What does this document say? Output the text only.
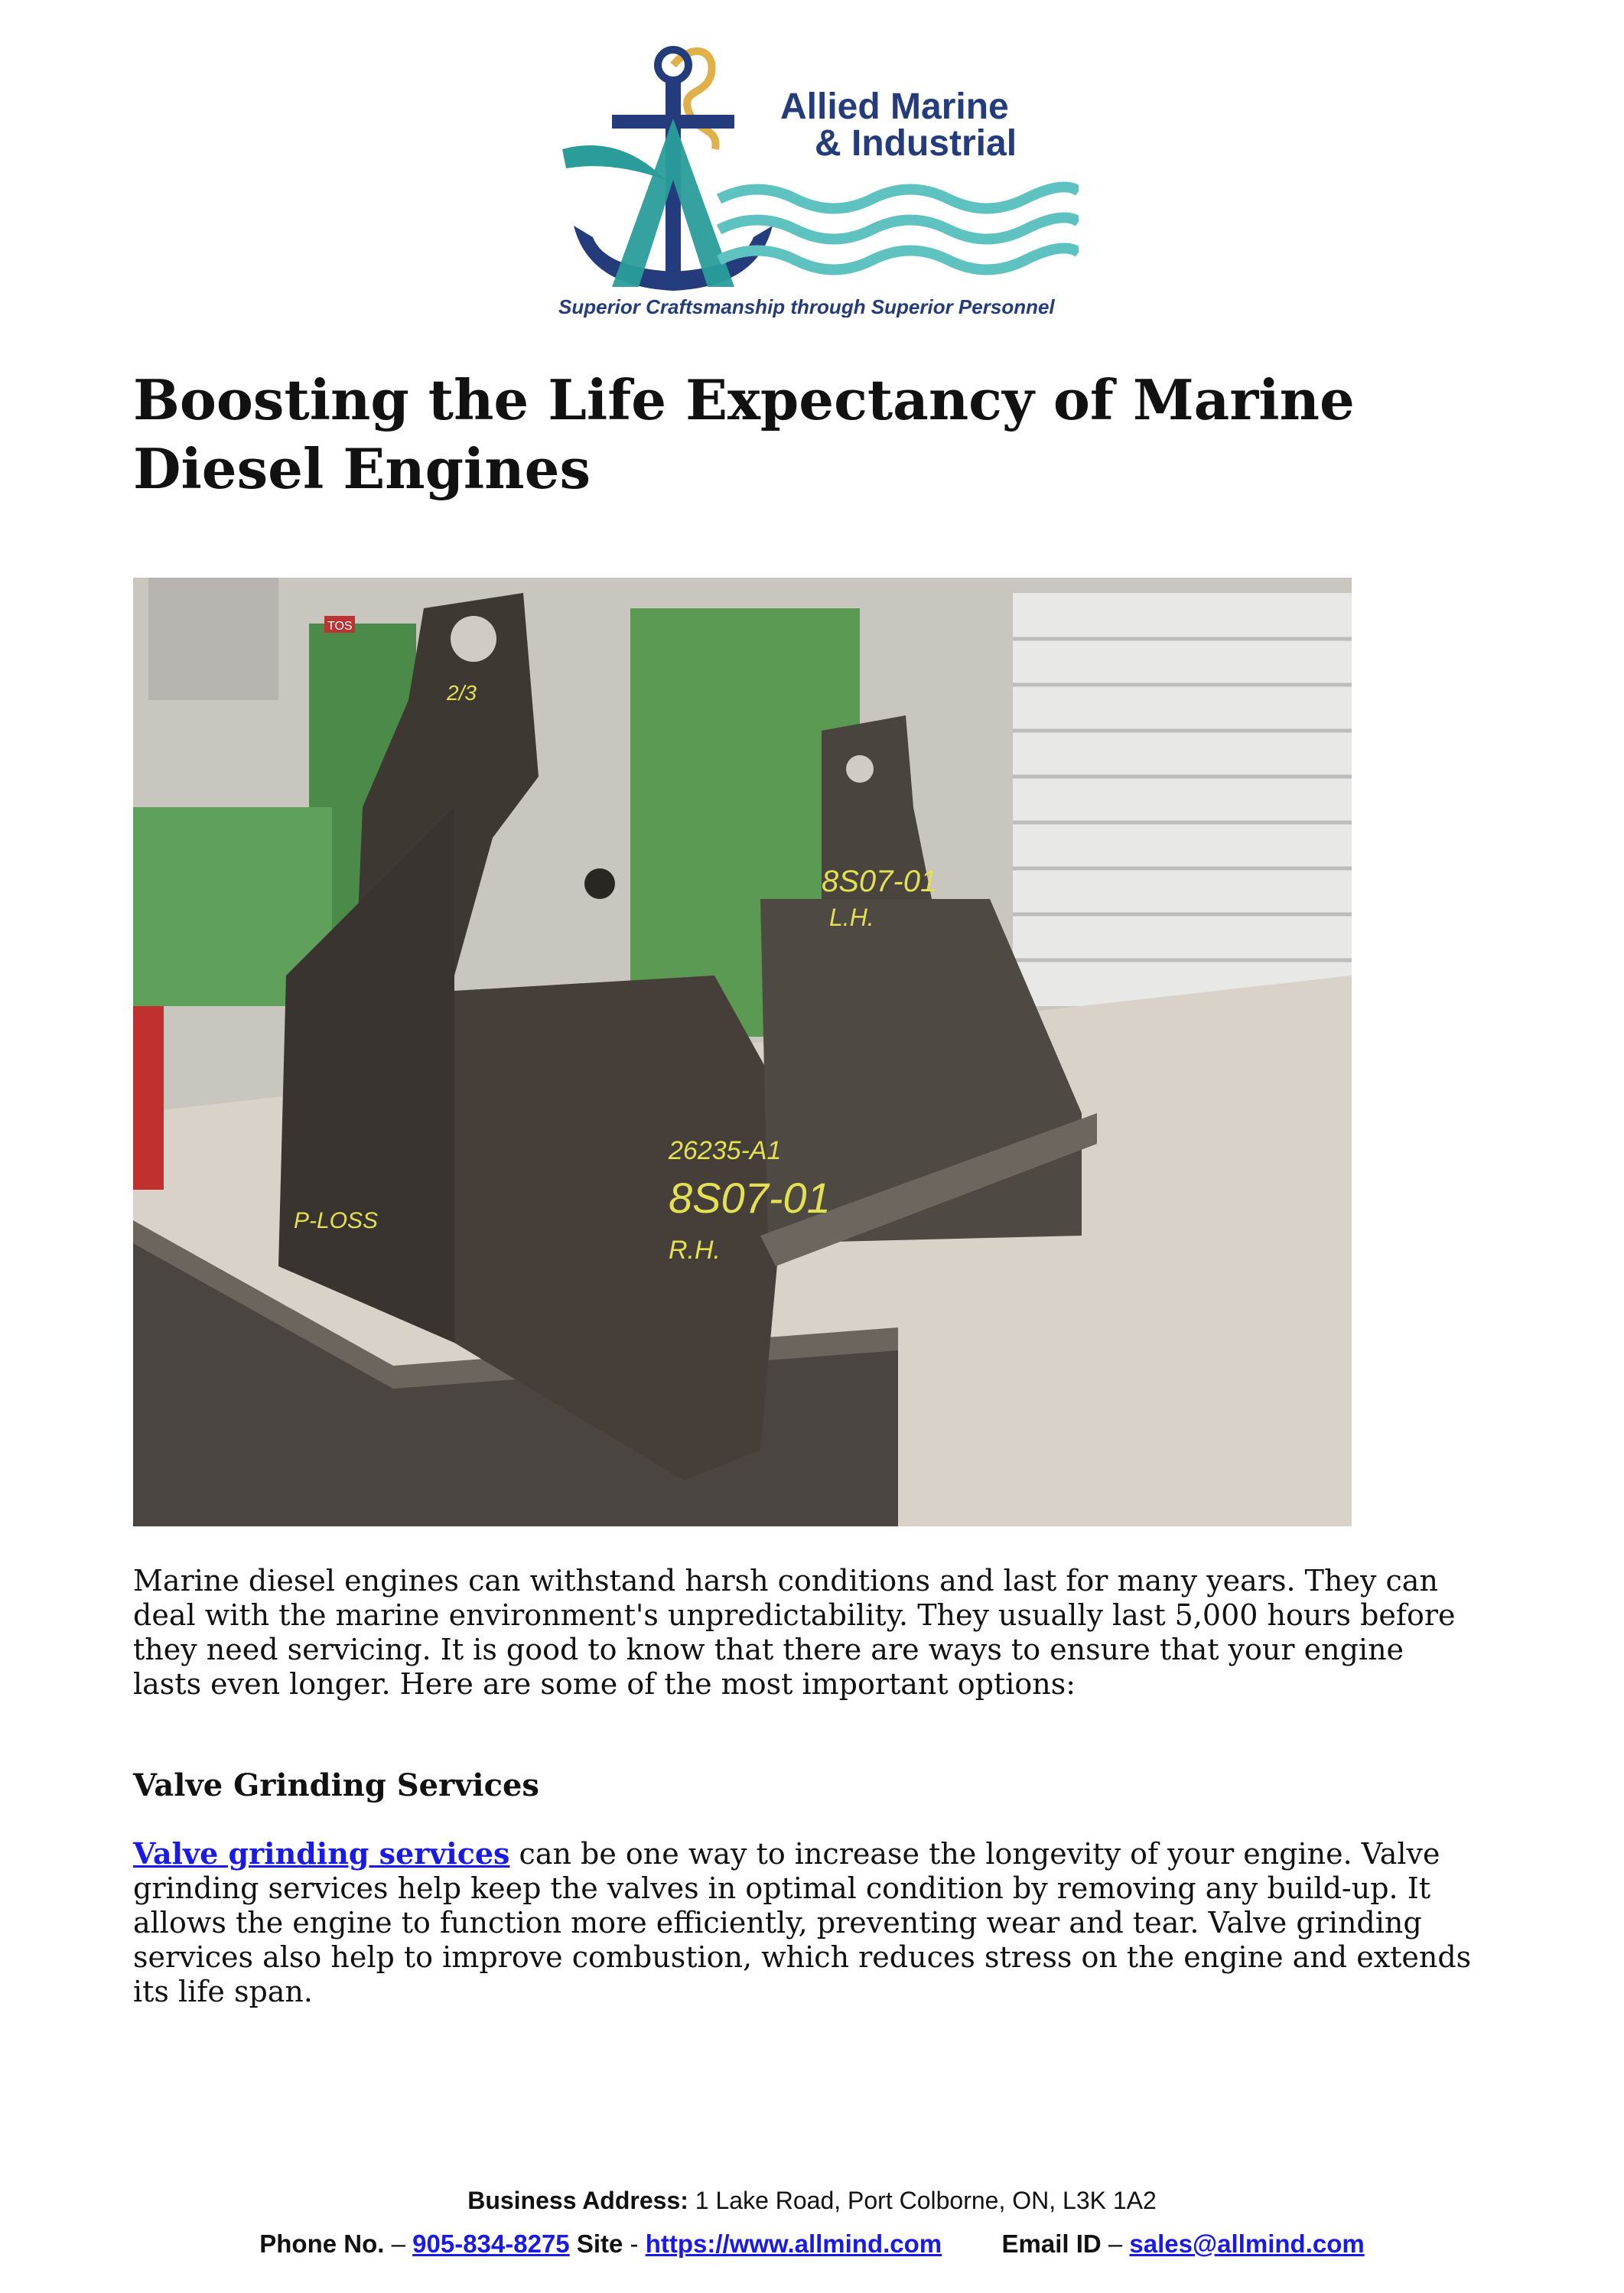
Allied Marine
& Industrial
Superior Craftsmanship through Superior Personnel
Boosting the Life Expectancy of Marine Diesel Engines
TOS
2/3
8S07-01
L.H.
26235-A1
8S07-01
R.H.
P-LOSS

Marine diesel engines can withstand harsh conditions and last for many years. They can deal with the marine environment's unpredictability. They usually last 5,000 hours before they need servicing. It is good to know that there are ways to ensure that your engine lasts even longer. Here are some of the most important options:

Valve Grinding Services

Valve grinding services can be one way to increase the longevity of your engine. Valve grinding services help keep the valves in optimal condition by removing any build-up. It allows the engine to function more efficiently, preventing wear and tear. Valve grinding services also help to improve combustion, which reduces stress on the engine and extends its life span.

Business Address: 1 Lake Road, Port Colborne, ON, L3K 1A2
Phone No. – 905-834-8275 Site - https://www.allmind.com Email ID – sales@allmind.com
